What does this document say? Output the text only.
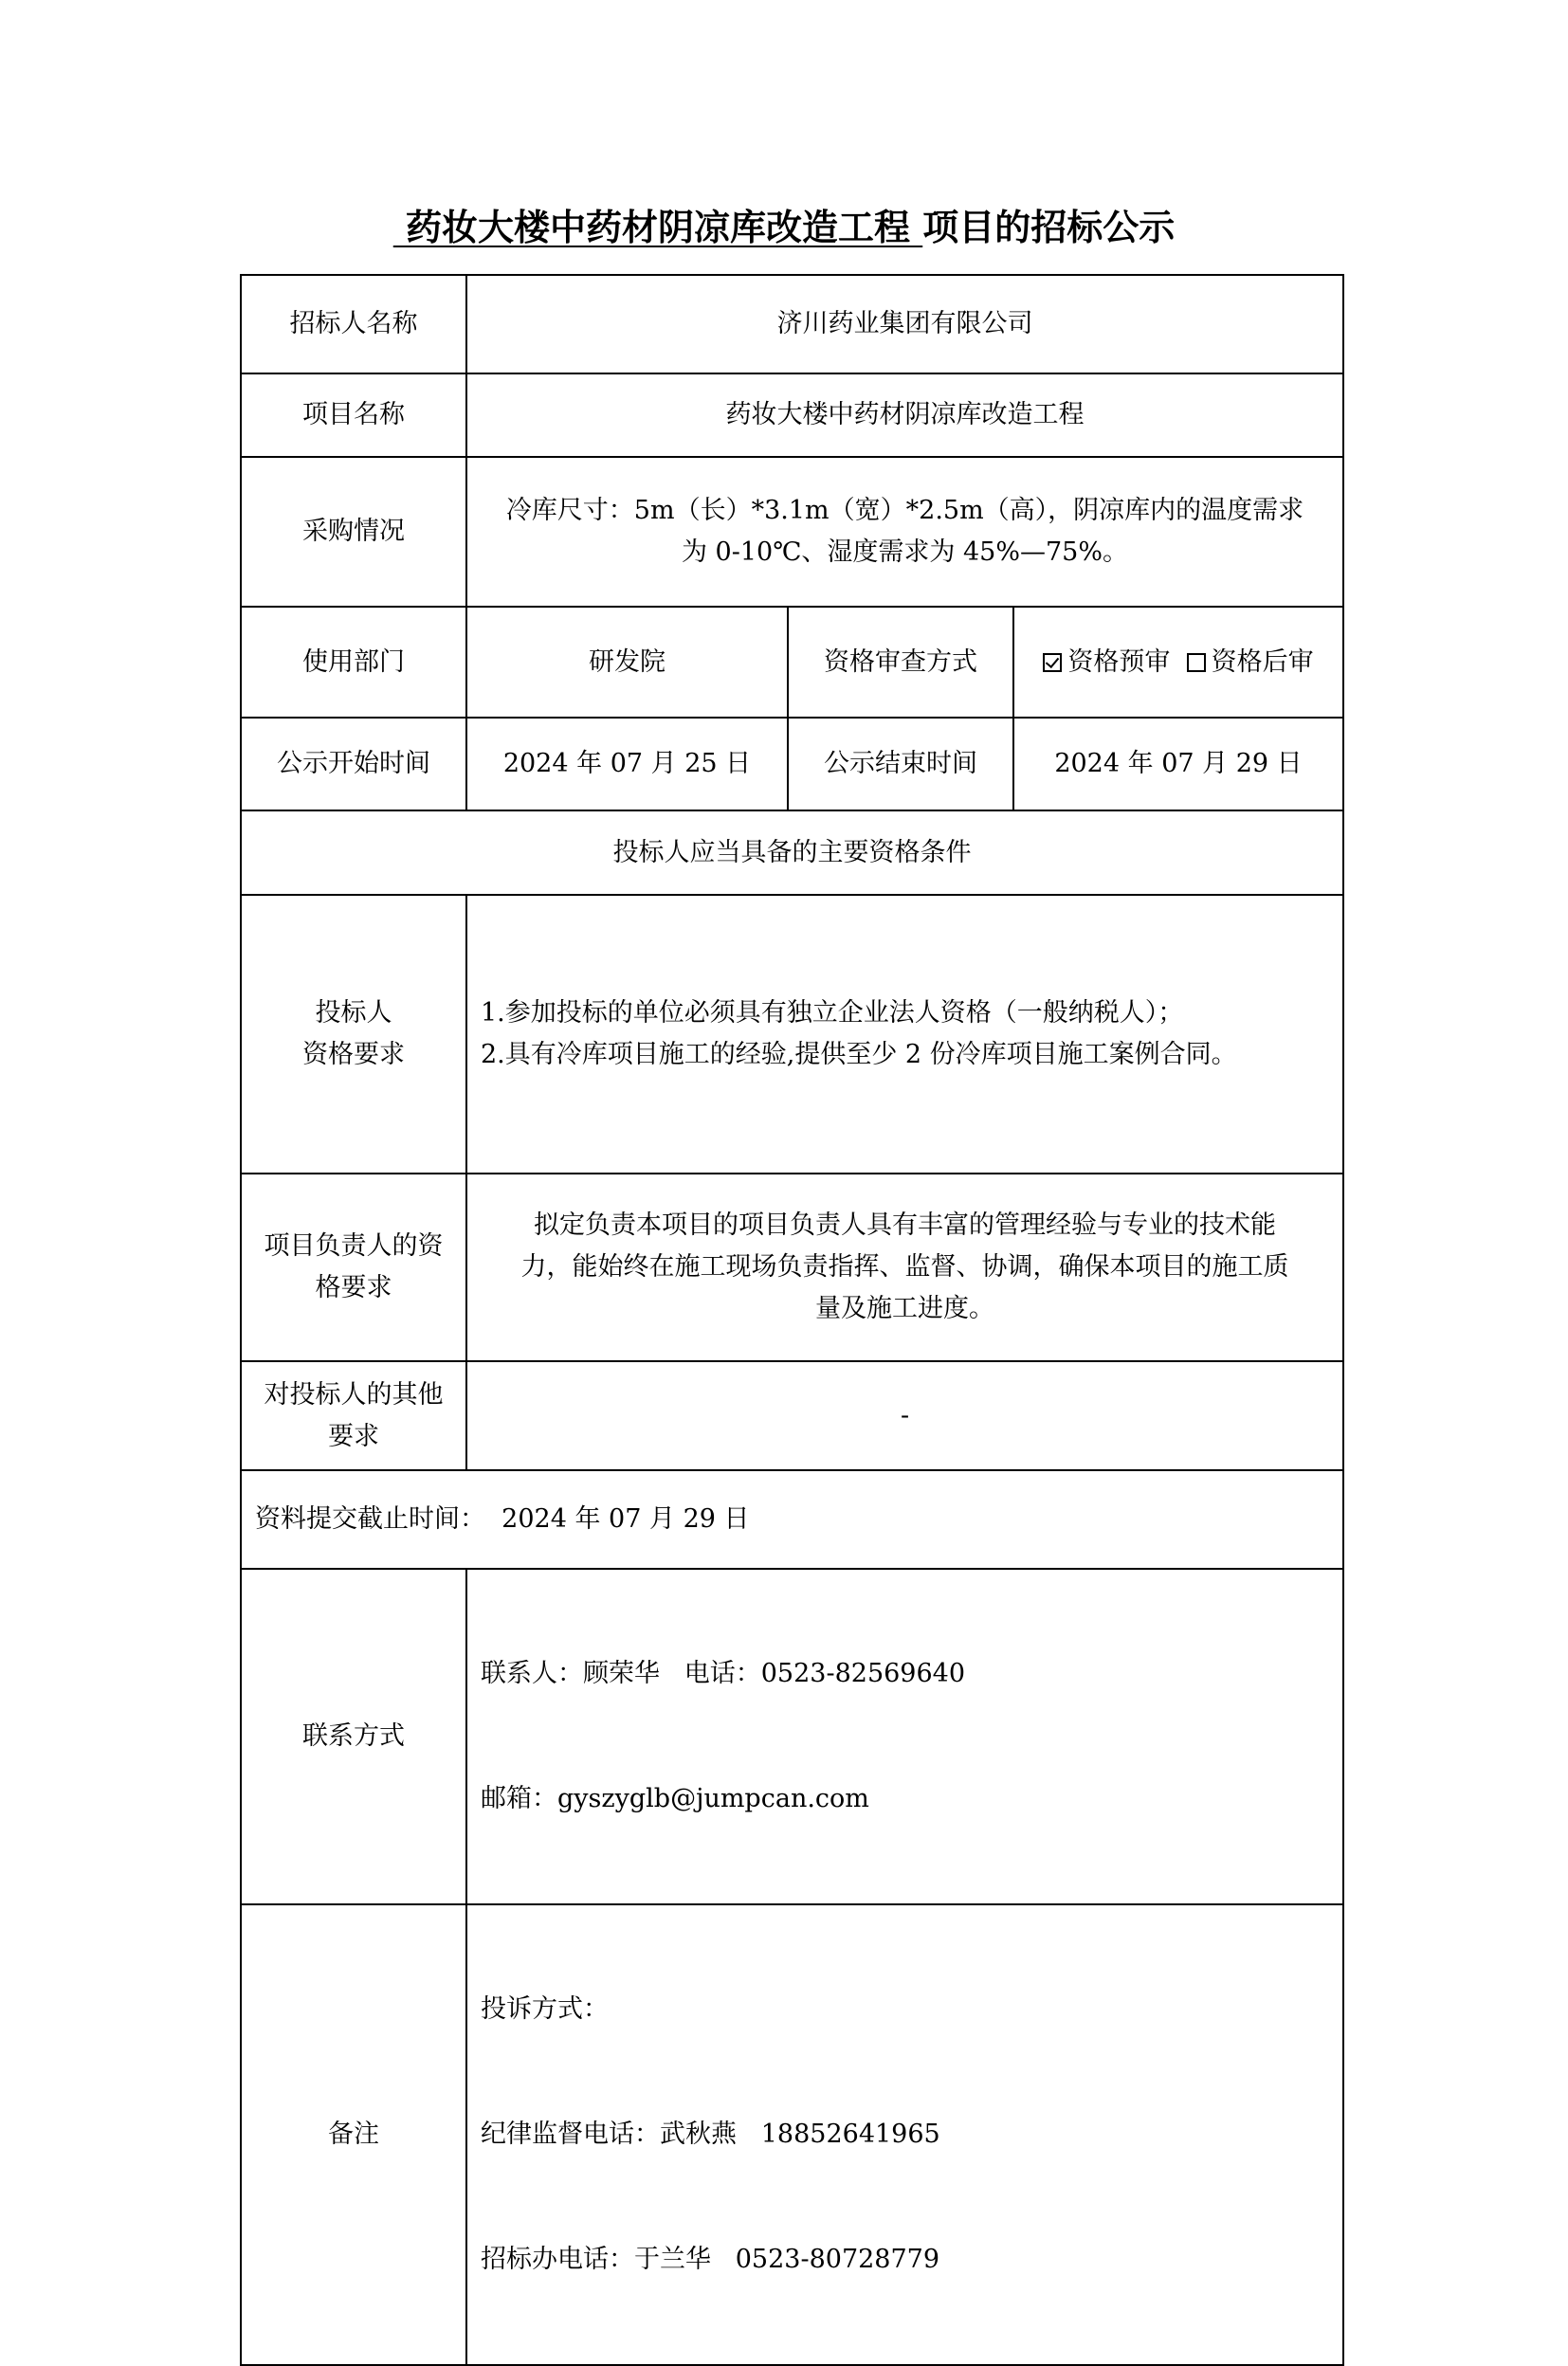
药妆大楼中药材阴凉库改造工程 项目的招标公示
招标人名称	济川药业集团有限公司		
项目名称	药妆大楼中药材阴凉库改造工程		
采购情况	冷库尺寸：5m（长）*3.1m（宽）*2.5m（高），阴凉库内的温度需求
为 0-10℃、湿度需求为 45%—75%。		

使用部门	研发院	资格审查方式	资格预审 资格后审
公示开始时间	2024 年 07 月 25 日	公示结束时间	2024 年 07 月 29 日
投标人应当具备的主要资格条件			

投标人
资格要求	1.参加投标的单位必须具有独立企业法人资格（一般纳税人）；
2.具有冷库项目施工的经验,提供至少 2 份冷库项目施工案例合同。		

项目负责人的资
格要求	拟定负责本项目的项目负责人具有丰富的管理经验与专业的技术能
力，能始终在施工现场负责指挥、监督、协调，确保本项目的施工质
量及施工进度。		

对投标人的其他
要求	-		
资料提交截止时间： 2024 年 07 月 29 日			
联系方式	联系人：顾荣华   电话：0523-82569640

邮箱：gyszyglb@jumpcan.com		

备注	投诉方式：

纪律监督电话：武秋燕   18852641965

招标办电话：于兰华   0523-80728779		
